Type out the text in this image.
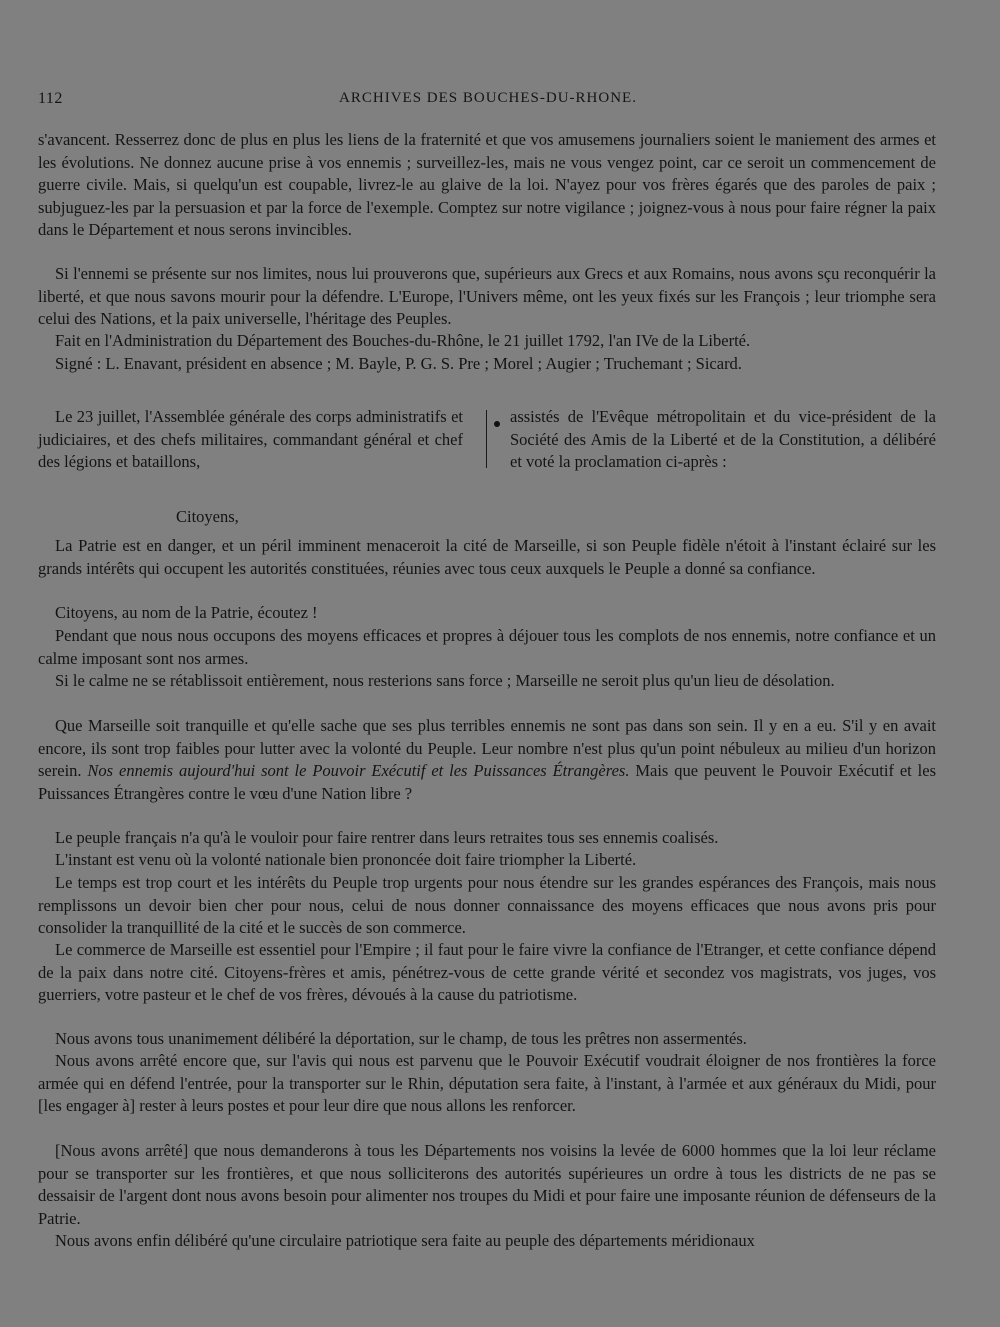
112	ARCHIVES DES BOUCHES-DU-RHONE.

s'avancent. Resserrez donc de plus en plus les liens de la fraternité et que vos amusemens journaliers soient le maniement des armes et les évolutions. Ne donnez aucune prise à vos ennemis ; surveillez-les, mais ne vous vengez point, car ce seroit un commencement de guerre civile. Mais, si quelqu'un est coupable, livrez-le au glaive de la loi. N'ayez pour vos frères égarés que des paroles de paix ; subjuguez-les par la persuasion et par la force de l'exemple. Comptez sur notre vigilance ; joignez-vous à nous pour faire régner la paix dans le Département et nous serons invincibles.

Si l'ennemi se présente sur nos limites, nous lui prouverons que, supérieurs aux Grecs et aux Romains, nous avons sçu reconquérir la liberté, et que nous savons mourir pour la défendre. L'Europe, l'Univers même, ont les yeux fixés sur les François ; leur triomphe sera celui des Nations, et la paix universelle, l'héritage des Peuples.

Fait en l'Administration du Département des Bouches-du-Rhône, le 21 juillet 1792, l'an IVe de la Liberté.

Signé : L. Enavant, président en absence ; M. Bayle, P. G. S. Pre ; Morel ; Augier ; Truchemant ; Sicard.

Le 23 juillet, l'Assemblée générale des corps administratifs et judiciaires, et des chefs militaires, commandant général et chef des légions et bataillons,

assistés de l'Evêque métropolitain et du vice-président de la Société des Amis de la Liberté et de la Constitution, a délibéré et voté la proclamation ci-après :

Citoyens,

La Patrie est en danger, et un péril imminent menaceroit la cité de Marseille, si son Peuple fidèle n'étoit à l'instant éclairé sur les grands intérêts qui occupent les autorités constituées, réunies avec tous ceux auxquels le Peuple a donné sa confiance.

Citoyens, au nom de la Patrie, écoutez !

Pendant que nous nous occupons des moyens efficaces et propres à déjouer tous les complots de nos ennemis, notre confiance et un calme imposant sont nos armes.

Si le calme ne se rétablissoit entièrement, nous resterions sans force ; Marseille ne seroit plus qu'un lieu de désolation.

Que Marseille soit tranquille et qu'elle sache que ses plus terribles ennemis ne sont pas dans son sein. Il y en a eu. S'il y en avait encore, ils sont trop faibles pour lutter avec la volonté du Peuple. Leur nombre n'est plus qu'un point nébuleux au milieu d'un horizon serein. Nos ennemis aujourd'hui sont le Pouvoir Exécutif et les Puissances Étrangères. Mais que peuvent le Pouvoir Exécutif et les Puissances Étrangères contre le vœu d'une Nation libre ?

Le peuple français n'a qu'à le vouloir pour faire rentrer dans leurs retraites tous ses ennemis coalisés.

L'instant est venu où la volonté nationale bien prononcée doit faire triompher la Liberté.

Le temps est trop court et les intérêts du Peuple trop urgents pour nous étendre sur les grandes espérances des François, mais nous remplissons un devoir bien cher pour nous, celui de nous donner connaissance des moyens efficaces que nous avons pris pour consolider la tranquillité de la cité et le succès de son commerce.

Le commerce de Marseille est essentiel pour l'Empire ; il faut pour le faire vivre la confiance de l'Etranger, et cette confiance dépend de la paix dans notre cité. Citoyens-frères et amis, pénétrez-vous de cette grande vérité et secondez vos magistrats, vos juges, vos guerriers, votre pasteur et le chef de vos frères, dévoués à la cause du patriotisme.

Nous avons tous unanimement délibéré la déportation, sur le champ, de tous les prêtres non assermentés.

Nous avons arrêté encore que, sur l'avis qui nous est parvenu que le Pouvoir Exécutif voudrait éloigner de nos frontières la force armée qui en défend l'entrée, pour la transporter sur le Rhin, députation sera faite, à l'instant, à l'armée et aux généraux du Midi, pour [les engager à] rester à leurs postes et pour leur dire que nous allons les renforcer.

[Nous avons arrêté] que nous demanderons à tous les Départements nos voisins la levée de 6000 hommes que la loi leur réclame pour se transporter sur les frontières, et que nous solliciterons des autorités supérieures un ordre à tous les districts de ne pas se dessaisir de l'argent dont nous avons besoin pour alimenter nos troupes du Midi et pour faire une imposante réunion de défenseurs de la Patrie.

Nous avons enfin délibéré qu'une circulaire patriotique sera faite au peuple des départements méridionaux
